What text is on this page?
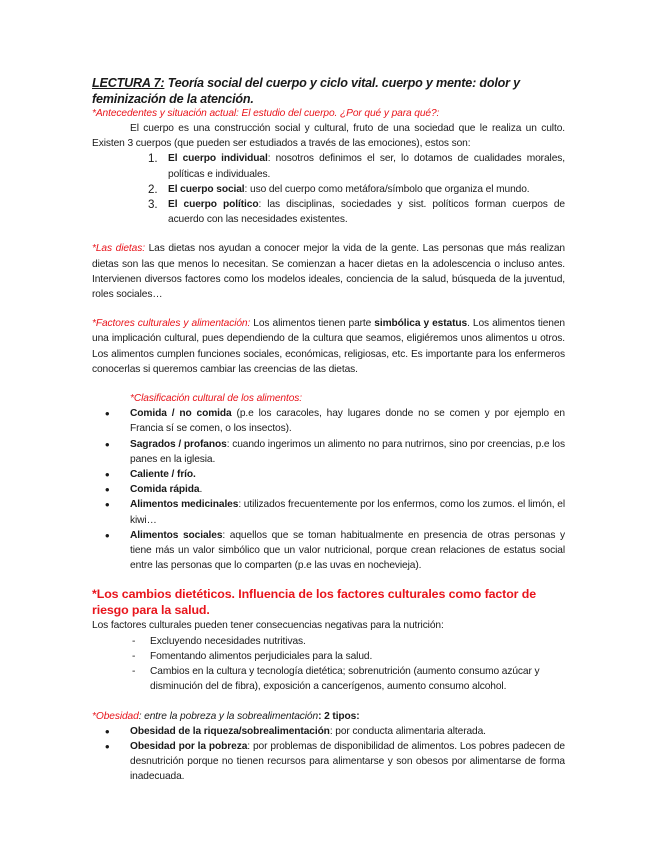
LECTURA 7: Teoría social del cuerpo y ciclo vital. cuerpo y mente: dolor y feminización de la atención.
*Antecedentes y situación actual: El estudio del cuerpo. ¿Por qué y para qué?:
El cuerpo es una construcción social y cultural, fruto de una sociedad que le realiza un culto. Existen 3 cuerpos (que pueden ser estudiados a través de las emociones), estos son:
1. El cuerpo individual: nosotros definimos el ser, lo dotamos de cualidades morales, políticas e individuales.
2. El cuerpo social: uso del cuerpo como metáfora/símbolo que organiza el mundo.
3. El cuerpo político: las disciplinas, sociedades y sist. políticos forman cuerpos de acuerdo con las necesidades existentes.
*Las dietas: Las dietas nos ayudan a conocer mejor la vida de la gente. Las personas que más realizan dietas son las que menos lo necesitan. Se comienzan a hacer dietas en la adolescencia o incluso antes. Intervienen diversos factores como los modelos ideales, conciencia de la salud, búsqueda de la juventud, roles sociales…
*Factores culturales y alimentación: Los alimentos tienen parte simbólica y estatus. Los alimentos tienen una implicación cultural, pues dependiendo de la cultura que seamos, eligiéremos unos alimentos u otros. Los alimentos cumplen funciones sociales, económicas, religiosas, etc. Es importante para los enfermeros conocerlas si queremos cambiar las creencias de las dietas.
*Clasificación cultural de los alimentos:
• Comida / no comida (p.e los caracoles, hay lugares donde no se comen y por ejemplo en Francia sí se comen, o los insectos).
• Sagrados / profanos: cuando ingerimos un alimento no para nutrirnos, sino por creencias, p.e los panes en la iglesia.
• Caliente / frío.
• Comida rápida.
• Alimentos medicinales: utilizados frecuentemente por los enfermos, como los zumos. el limón, el kiwi…
• Alimentos sociales: aquellos que se toman habitualmente en presencia de otras personas y tiene más un valor simbólico que un valor nutricional, porque crean relaciones de estatus social entre las personas que lo comparten (p.e las uvas en nochevieja).
*Los cambios dietéticos. Influencia de los factores culturales como factor de riesgo para la salud.
Los factores culturales pueden tener consecuencias negativas para la nutrición:
- Excluyendo necesidades nutritivas.
- Fomentando alimentos perjudiciales para la salud.
- Cambios en la cultura y tecnología dietética; sobrenutrición (aumento consumo azúcar y disminución del de fibra), exposición a cancerígenos, aumento consumo alcohol.
*Obesidad: entre la pobreza y la sobrealimentación: 2 tipos:
• Obesidad de la riqueza/sobrealimentación: por conducta alimentaria alterada.
• Obesidad por la pobreza: por problemas de disponibilidad de alimentos. Los pobres padecen de desnutrición porque no tienen recursos para alimentarse y son obesos por alimentarse de forma inadecuada.
